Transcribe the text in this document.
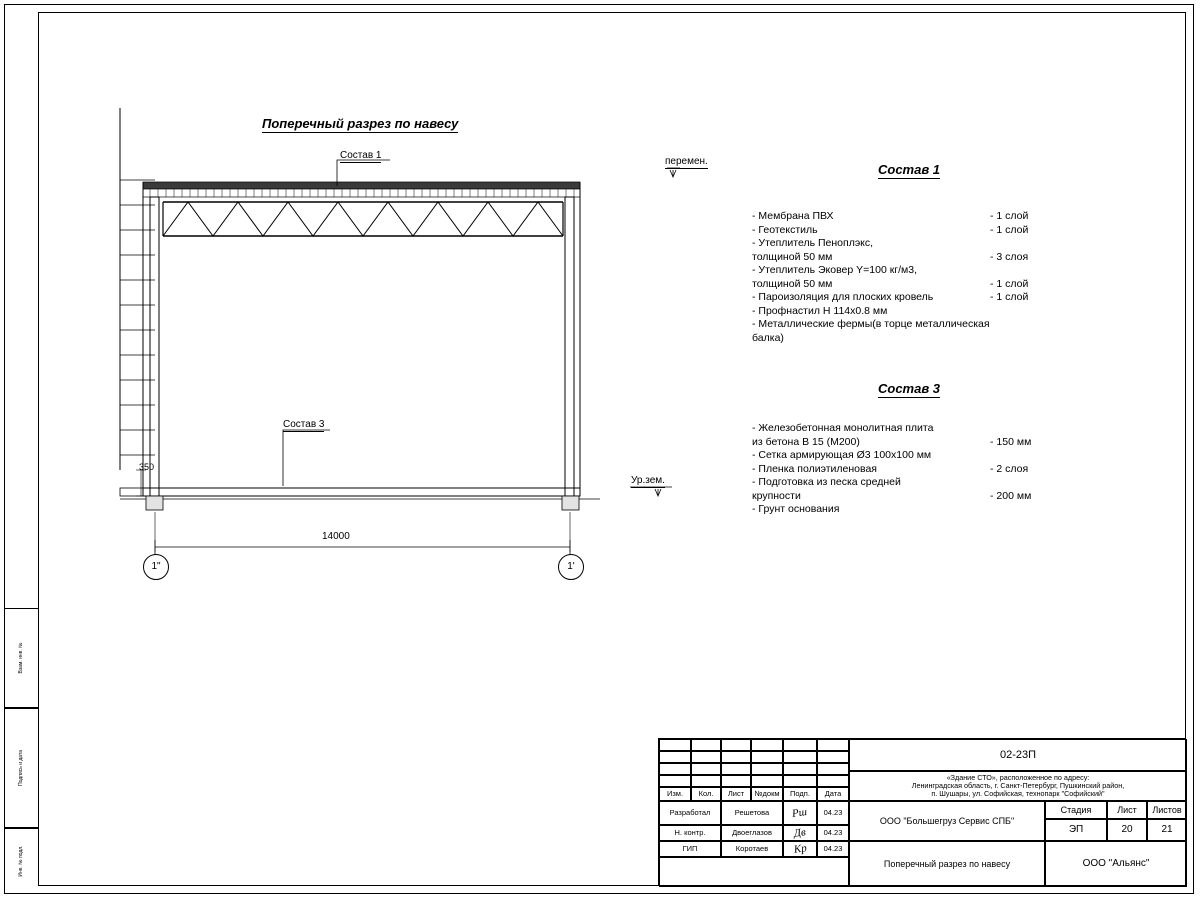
Взам. инв. №
Подпись и дата
Инв. № подл.
Поперечный разрез по навесу
Состав 1
Состав 3
перемен.
Ур.зем.
14000
350
1"	1'
Состав 1
- Мембрана ПВХ	- 1 слой
- Геотекстиль	- 1 слой
- Утеплитель Пеноплэкс,
толщиной 50 мм	- 3 слоя
- Утеплитель Эковер Y=100 кг/м3,
толщиной 50 мм	- 1 слой
- Пароизоляция для плоских кровель	- 1 слой
- Профнастил Н 114х0.8 мм
- Металлические фермы(в торце металлическая балка)
Состав 3
- Железобетонная монолитная плита
из бетона В 15 (М200)	- 150 мм
- Сетка армирующая Ø3 100х100 мм
- Пленка полиэтиленовая	- 2 слоя
- Подготовка из песка средней
крупности	- 200 мм
- Грунт основания
Изм.	Кол.	Лист	№докм	Подп.	Дата
Разработал	Решетова	Рш	04.23
Н. контр.	Двоеглазов	Дв	04.23
ГИП	Коротаев	Кр	04.23
02-23П
«Здание СТО», расположенное по адресу:
Ленинградская область, г. Санкт-Петербург, Пушкинский район,
п. Шушары, ул. Софийская, технопарк "Софийский"
ООО "Большегруз Сервис СПБ"
Поперечный разрез по навесу
Стадия	Лист	Листов
ЭП	20	21
ООО "Альянс"
